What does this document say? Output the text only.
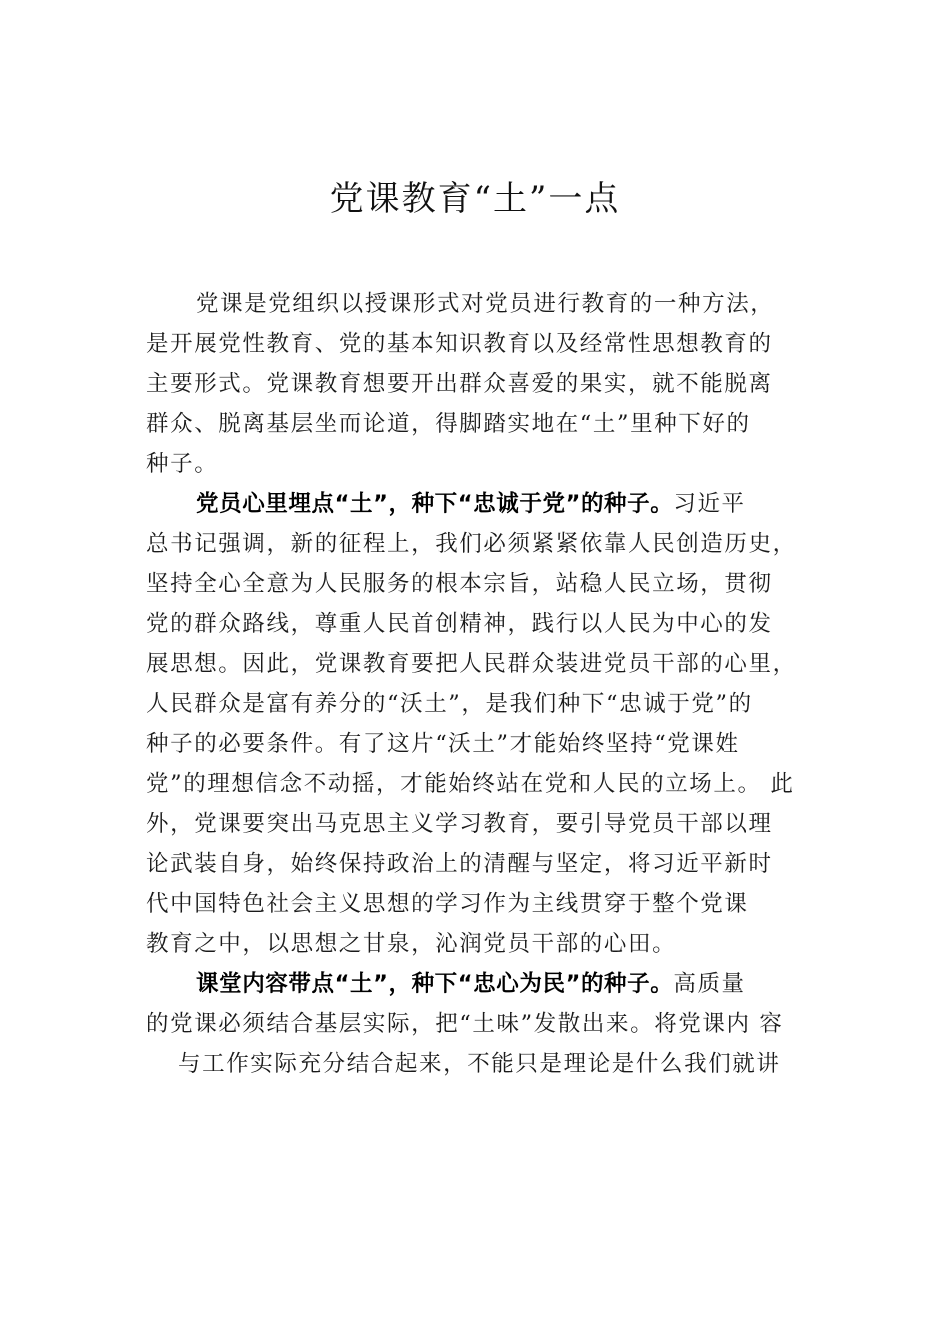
党课教育“土”一点
党课是党组织以授课形式对党员进行教育的一种方法，
是开展党性教育、党的基本知识教育以及经常性思想教育的
主要形式。党课教育想要开出群众喜爱的果实，就不能脱离
群众、脱离基层坐而论道，得脚踏实地在“土”里种下好的
种子。
党员心里埋点“土”，种下“忠诚于党”的种子。习近平
总书记强调，新的征程上，我们必须紧紧依靠人民创造历史，
坚持全心全意为人民服务的根本宗旨，站稳人民立场，贯彻
党的群众路线，尊重人民首创精神，践行以人民为中心的发
展思想。因此，党课教育要把人民群众装进党员干部的心里，
人民群众是富有养分的“沃土”，是我们种下“忠诚于党”的
种子的必要条件。有了这片“沃土”才能始终坚持“党课姓
党”的理想信念不动摇，才能始终站在党和人民的立场上。 此
外，党课要突出马克思主义学习教育，要引导党员干部以理
论武装自身，始终保持政治上的清醒与坚定，将习近平新时
代中国特色社会主义思想的学习作为主线贯穿于整个党课
教育之中，以思想之甘泉，沁润党员干部的心田。
课堂内容带点“土”，种下“忠心为民”的种子。高质量
的党课必须结合基层实际，把“土味”发散出来。将党课内 容
与工作实际充分结合起来，不能只是理论是什么我们就讲
